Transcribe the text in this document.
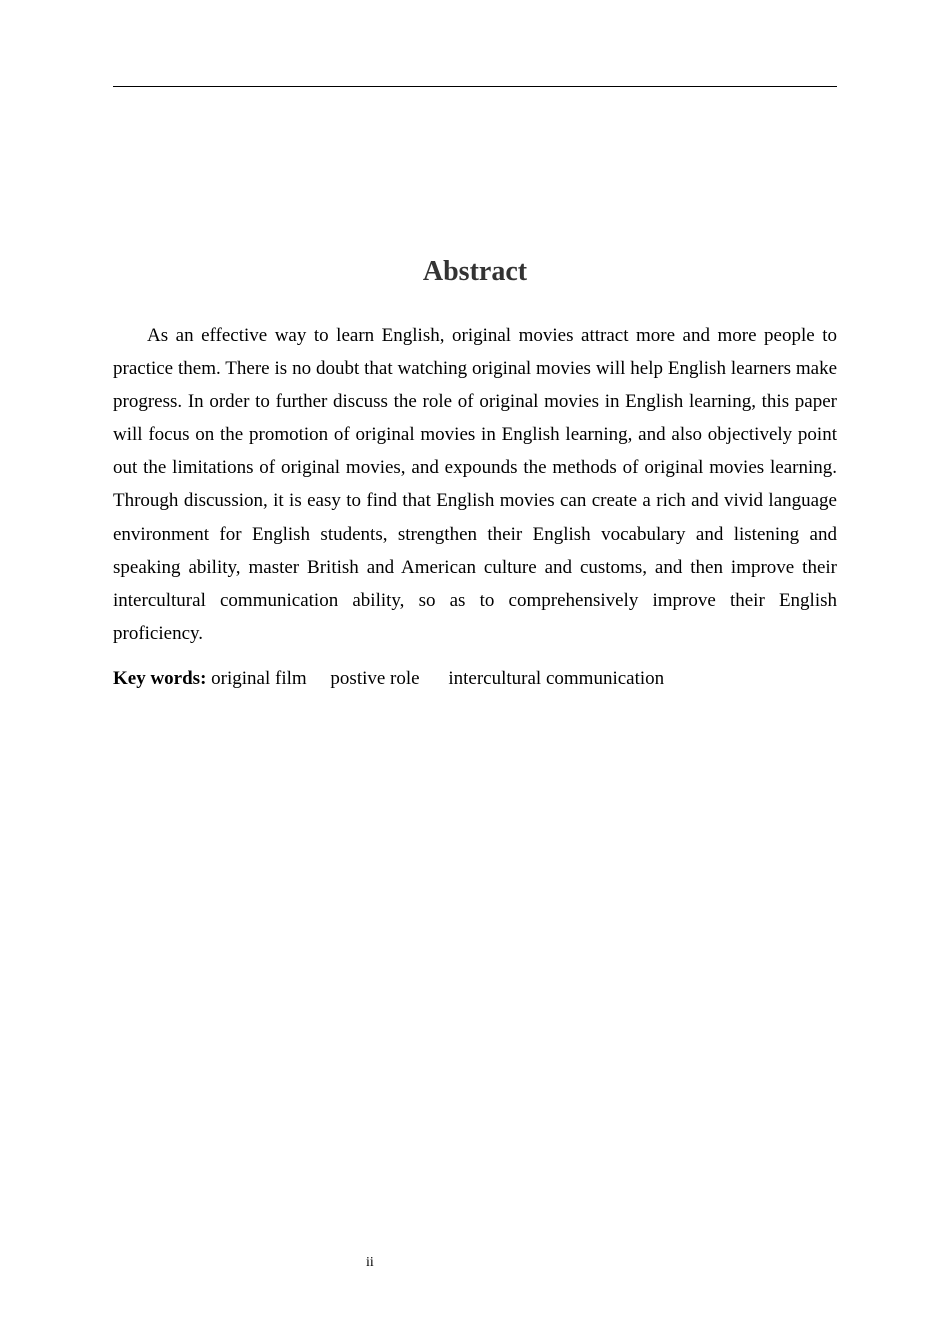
Abstract

As an effective way to learn English, original movies attract more and more people to practice them. There is no doubt that watching original movies will help English learners make progress. In order to further discuss the role of original movies in English learning, this paper will focus on the promotion of original movies in English learning, and also objectively point out the limitations of original movies, and expounds the methods of original movies learning. Through discussion, it is easy to find that English movies can create a rich and vivid language environment for English students, strengthen their English vocabulary and listening and speaking ability, master British and American culture and customs, and then improve their intercultural communication ability, so as to comprehensively improve their English proficiency.

Key words: original film postive role intercultural communication
ii
